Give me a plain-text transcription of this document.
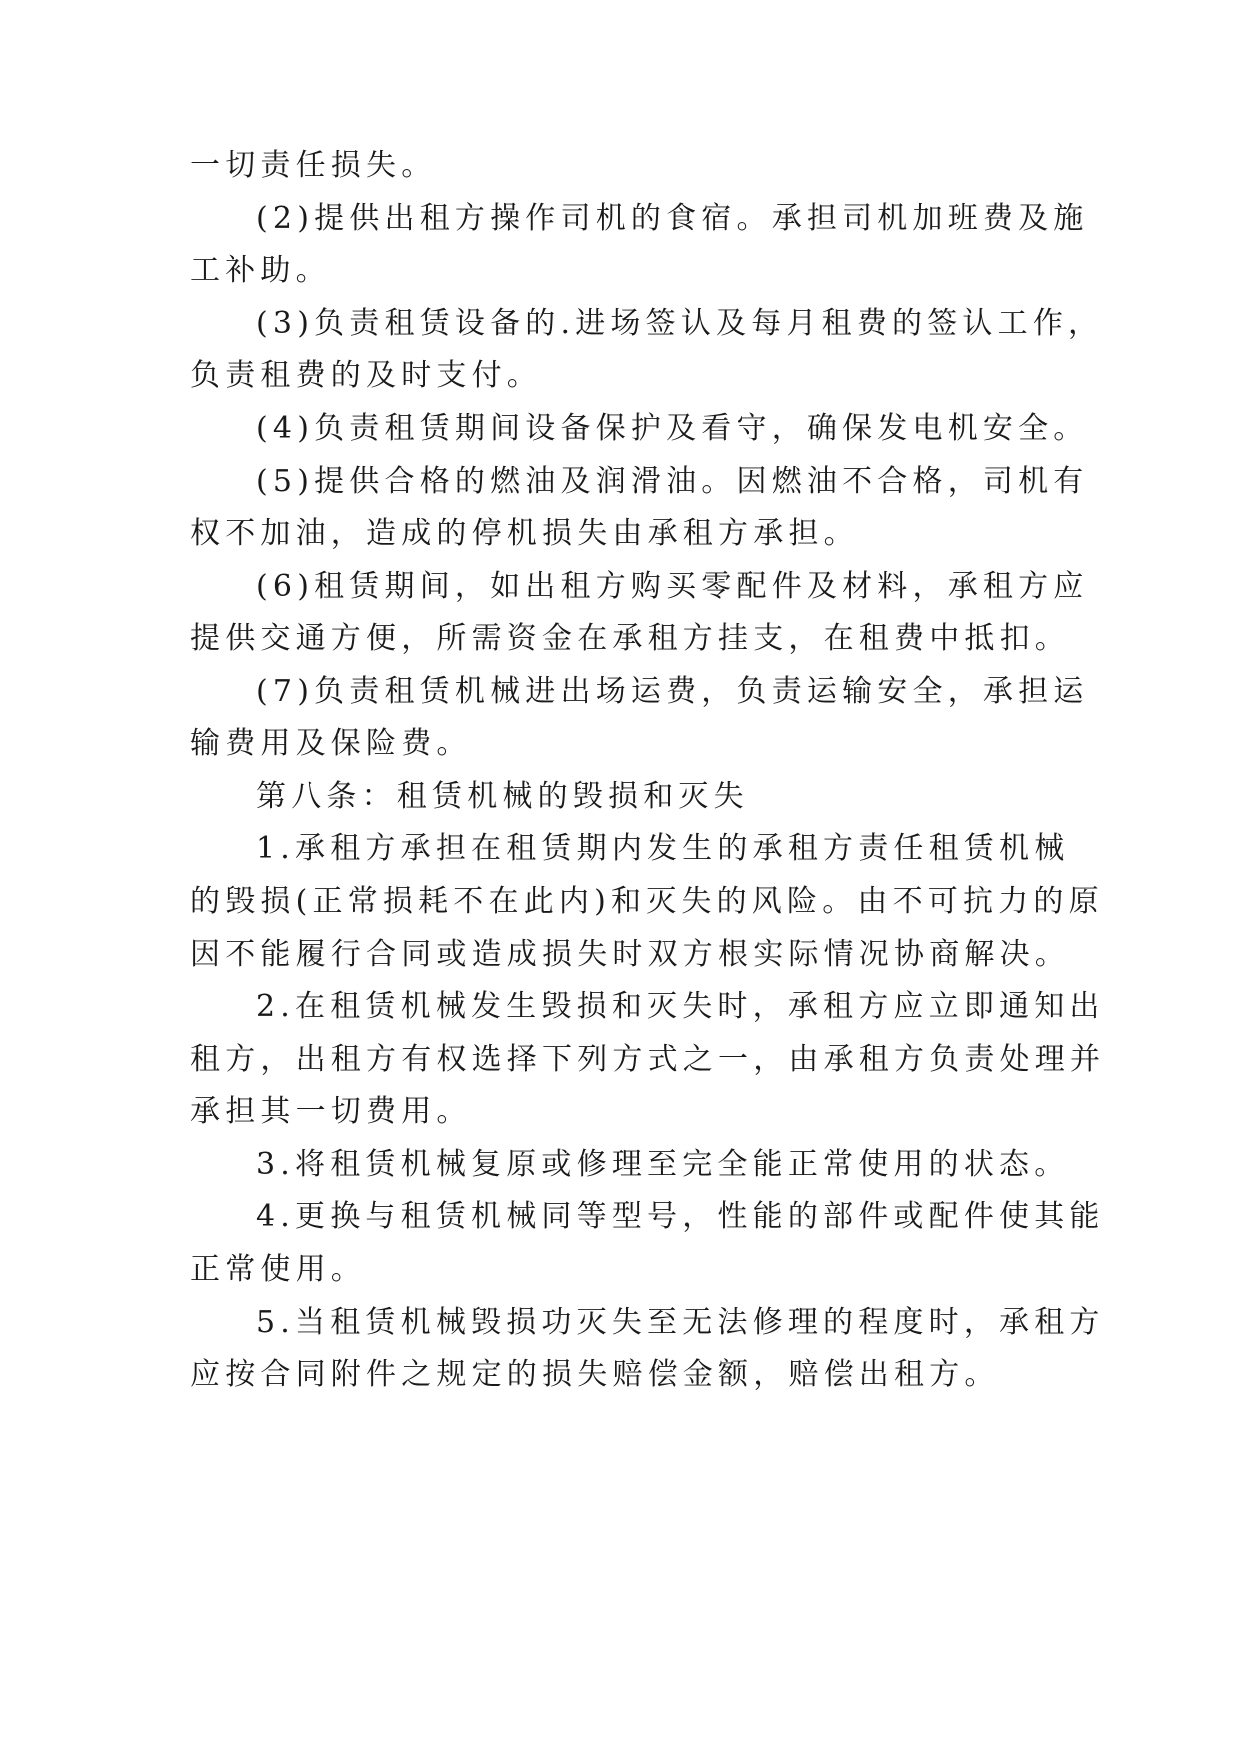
一切责任损失。
(2)提供出租方操作司机的食宿。承担司机加班费及施
工补助。
(3)负责租赁设备的.进场签认及每月租费的签认工作，
负责租费的及时支付。
(4)负责租赁期间设备保护及看守，确保发电机安全。
(5)提供合格的燃油及润滑油。因燃油不合格，司机有
权不加油，造成的停机损失由承租方承担。
(6)租赁期间，如出租方购买零配件及材料，承租方应
提供交通方便，所需资金在承租方挂支，在租费中抵扣。
(7)负责租赁机械进出场运费，负责运输安全，承担运
输费用及保险费。
第八条：租赁机械的毁损和灭失
1.承租方承担在租赁期内发生的承租方责任租赁机械
的毁损(正常损耗不在此内)和灭失的风险。由不可抗力的原
因不能履行合同或造成损失时双方根实际情况协商解决。
2.在租赁机械发生毁损和灭失时，承租方应立即通知出
租方，出租方有权选择下列方式之一，由承租方负责处理并
承担其一切费用。
3.将租赁机械复原或修理至完全能正常使用的状态。
4.更换与租赁机械同等型号，性能的部件或配件使其能
正常使用。
5.当租赁机械毁损功灭失至无法修理的程度时，承租方
应按合同附件之规定的损失赔偿金额，赔偿出租方。
